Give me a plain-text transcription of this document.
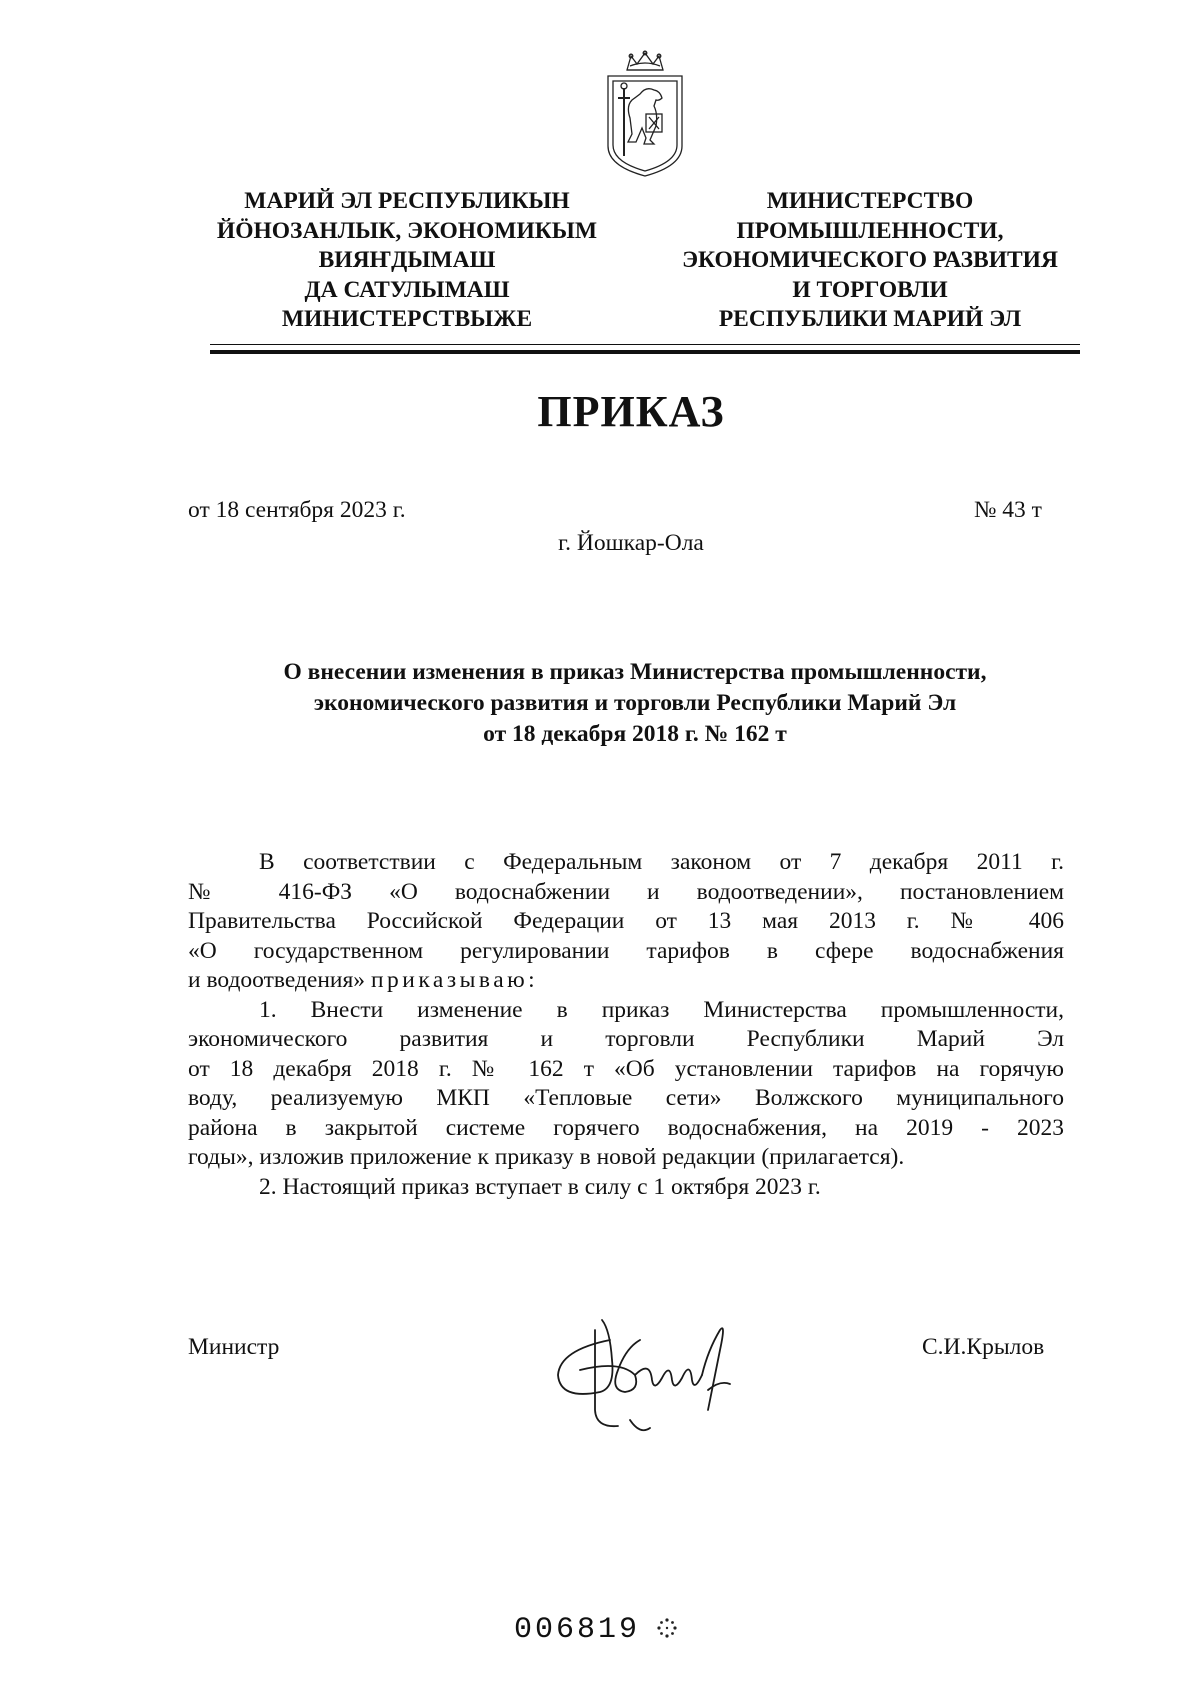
МАРИЙ ЭЛ РЕСПУБЛИКЫН
ЙӦНОЗАНЛЫК, ЭКОНОМИКЫМ
ВИЯҤДЫМАШ
ДА САТУЛЫМАШ
МИНИСТЕРСТВЫЖЕ
МИНИСТЕРСТВО
ПРОМЫШЛЕННОСТИ,
ЭКОНОМИЧЕСКОГО РАЗВИТИЯ
И ТОРГОВЛИ
РЕСПУБЛИКИ МАРИЙ ЭЛ
ПРИКАЗ
от 18 сентября 2023 г.	№ 43 т
г. Йошкар-Ола
О внесении изменения в приказ Министерства промышленности,
экономического развития и торговли Республики Марий Эл
от 18 декабря 2018 г. № 162 т
В соответствии с Федеральным законом от 7 декабря 2011 г.
№ 416-ФЗ «О водоснабжении и водоотведении», постановлением
Правительства Российской Федерации от 13 мая 2013 г. № 406
«О государственном регулировании тарифов в сфере водоснабжения
и водоотведения» приказываю:
1. Внести изменение в приказ Министерства промышленности,
экономического развития и торговли Республики Марий Эл
от 18 декабря 2018 г. № 162 т «Об установлении тарифов на горячую
воду, реализуемую МКП «Тепловые сети» Волжского муниципального
района в закрытой системе горячего водоснабжения, на 2019 - 2023
годы», изложив приложение к приказу в новой редакции (прилагается).
2. Настоящий приказ вступает в силу с 1 октября 2023 г.
Министр	С.И.Крылов
006819
